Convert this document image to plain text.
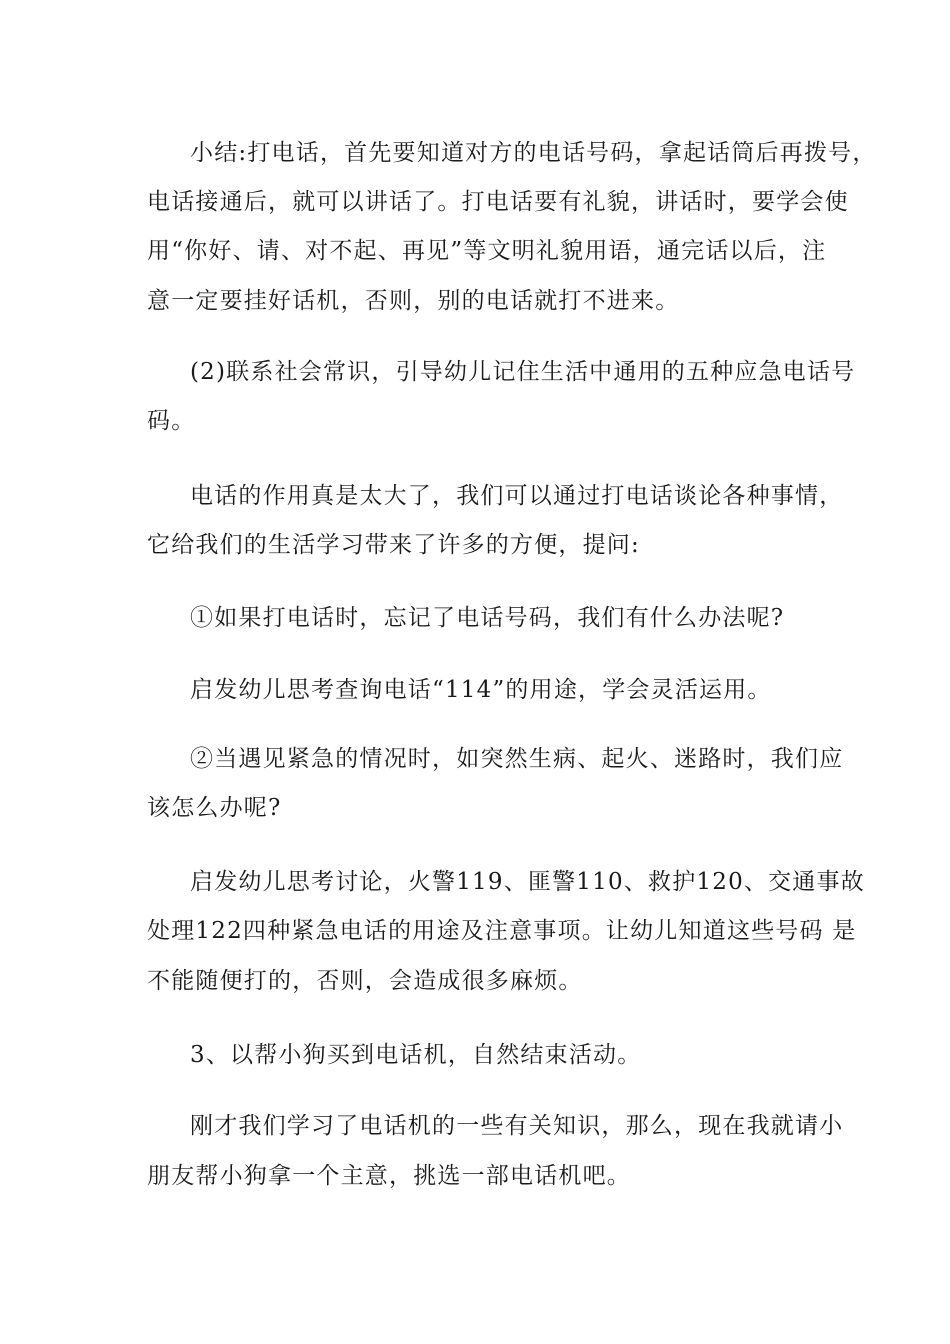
小结:打电话，首先要知道对方的电话号码，拿起话筒后再拨号，
电话接通后，就可以讲话了。打电话要有礼貌，讲话时，要学会使
用“你好、请、对不起、再见”等文明礼貌用语，通完话以后，注
意一定要挂好话机，否则，别的电话就打不进来。
(2)联系社会常识，引导幼儿记住生活中通用的五种应急电话号
码。
电话的作用真是太大了，我们可以通过打电话谈论各种事情，
它给我们的生活学习带来了许多的方便，提问:
①如果打电话时，忘记了电话号码，我们有什么办法呢?
启发幼儿思考查询电话“114”的用途，学会灵活运用。
②当遇见紧急的情况时，如突然生病、起火、迷路时，我们应
该怎么办呢?
启发幼儿思考讨论，火警119、匪警110、救护120、交通事故
处理122四种紧急电话的用途及注意事项。让幼儿知道这些号码 是
不能随便打的，否则，会造成很多麻烦。
3、以帮小狗买到电话机，自然结束活动。
刚才我们学习了电话机的一些有关知识，那么，现在我就请小
朋友帮小狗拿一个主意，挑选一部电话机吧。
